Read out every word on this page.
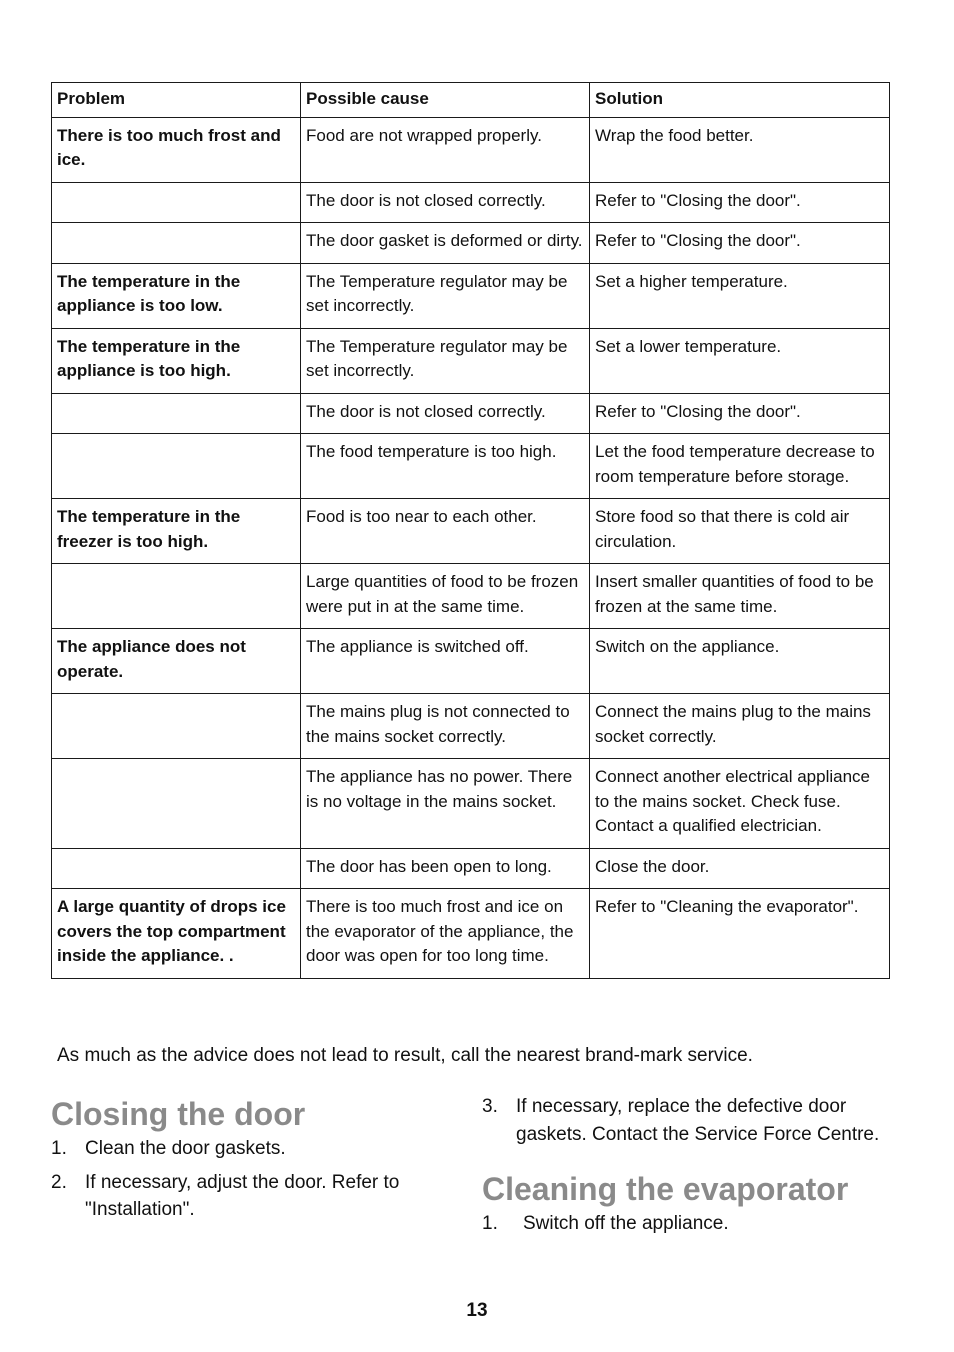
Problem	Possible cause	Solution
There is too much frost and ice.	Food are not wrapped properly.	Wrap the food better.
	The door is not closed correctly.	Refer to "Closing the door".
	The door gasket is deformed or dirty.	Refer to "Closing the door".
The temperature in the appliance is too low.	The Temperature regulator may be set incorrectly.	Set a higher temperature.
The temperature in the appliance is too high.	The Temperature regulator may be set incorrectly.	Set a lower temperature.
	The door is not closed correctly.	Refer to "Closing the door".
	The food temperature is too high.	Let the food temperature decrease to room temperature before storage.
The temperature in the freezer is too high.	Food is too near to each other.	Store food so that there is cold air circulation.
	Large quantities of food to be frozen were put in at the same time.	Insert smaller quantities of food to be frozen at the same time.
The appliance does not operate.	The appliance is switched off.	Switch on the appliance.
	The mains plug is not connected to the mains socket correctly.	Connect the mains plug to the mains socket correctly.
	The appliance has no power. There is no voltage in the mains socket.	Connect another electrical appliance to the mains socket. Check fuse. Contact a qualified electrician.
	The door has been open to long.	Close the door.
A large quantity of drops ice covers the top compartment inside the appliance. .	There is too much frost and ice on the evaporator of the appliance, the door was open for too long time.	Refer to "Cleaning the evaporator".

As much as the advice does not lead to result, call the nearest brand-mark service.

Closing the door
1. Clean the door gaskets.
2. If necessary, adjust the door. Refer to "Installation".
3. If necessary, replace the defective door gaskets. Contact the Service Force Centre.
Cleaning the evaporator
1. Switch off the appliance.
13
